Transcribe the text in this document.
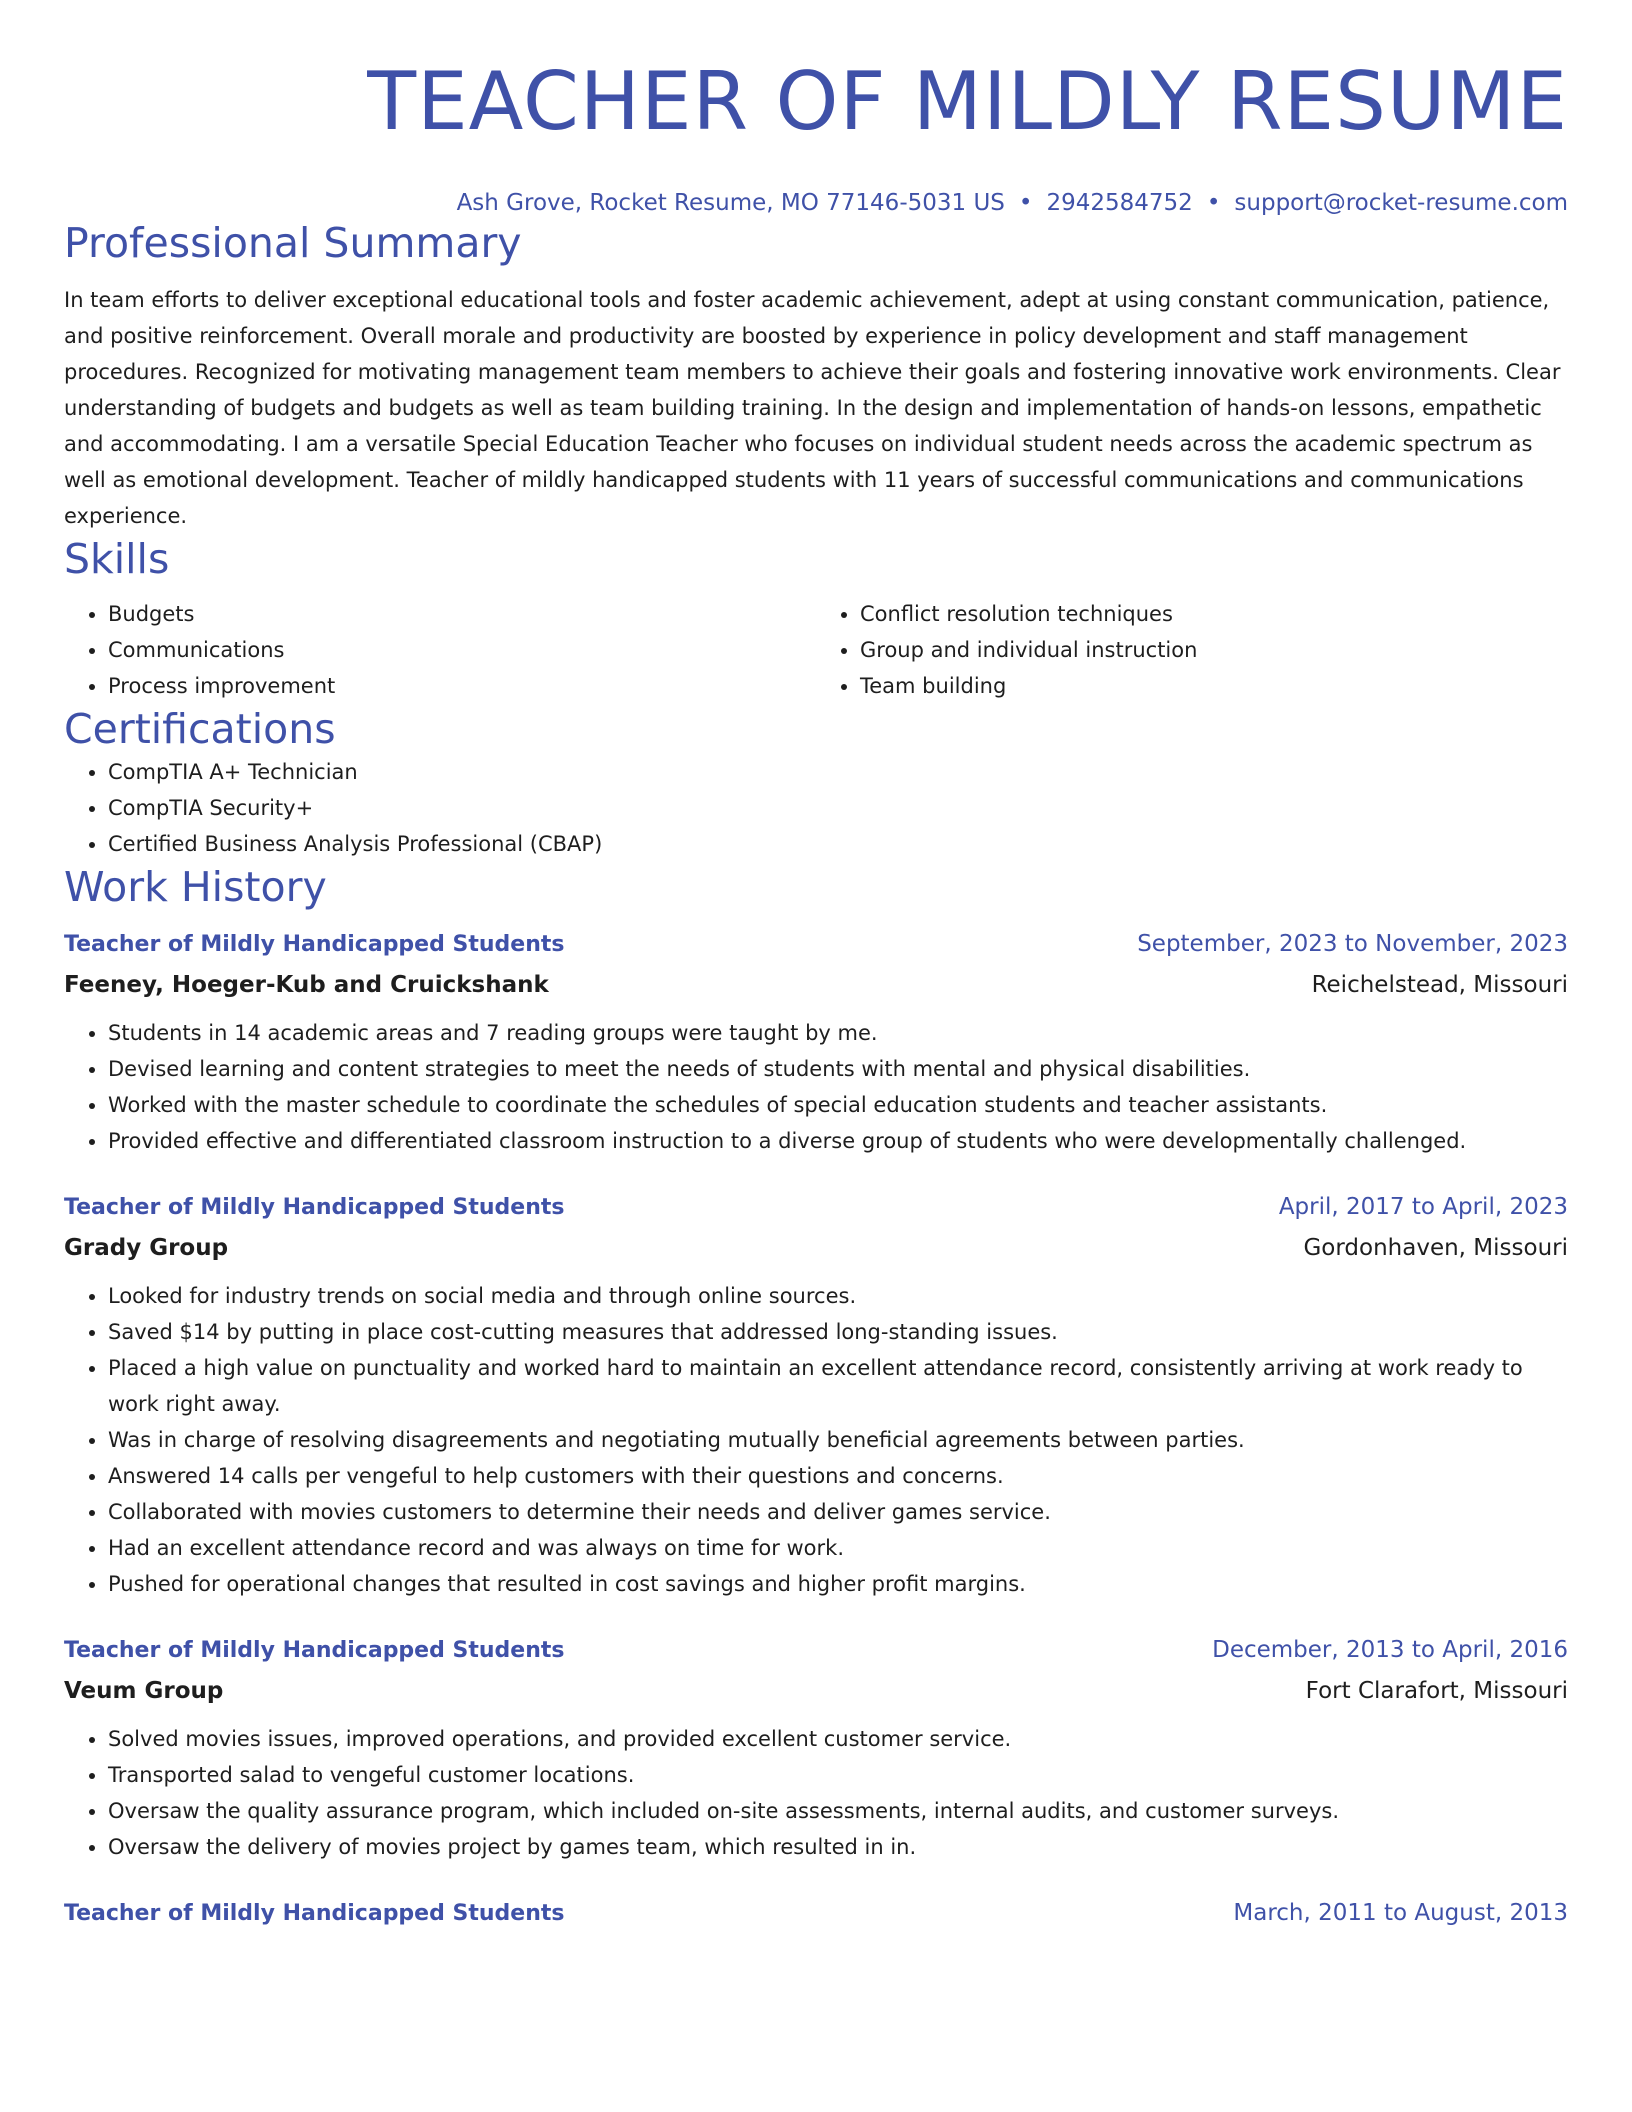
TEACHER OF MILDLY RESUME
Ash Grove, Rocket Resume, MO 77146-5031 US • 2942584752 • support@rocket-resume.com
Professional Summary

In team efforts to deliver exceptional educational tools and foster academic achievement, adept at using constant communication, patience, and positive reinforcement. Overall morale and productivity are boosted by experience in policy development and staff management procedures. Recognized for motivating management team members to achieve their goals and fostering innovative work environments. Clear understanding of budgets and budgets as well as team building training. In the design and implementation of hands-on lessons, empathetic and accommodating. I am a versatile Special Education Teacher who focuses on individual student needs across the academic spectrum as well as emotional development. Teacher of mildly handicapped students with 11 years of successful communications and communications experience.

Skills
• Budgets
• Communications
• Process improvement
• Conflict resolution techniques
• Group and individual instruction
• Team building
Certifications
• CompTIA A+ Technician
• CompTIA Security+
• Certified Business Analysis Professional (CBAP)
Work History
Teacher of Mildly Handicapped Students	September, 2023 to November, 2023
Feeney, Hoeger-Kub and Cruickshank	Reichelstead, Missouri
• Students in 14 academic areas and 7 reading groups were taught by me.
• Devised learning and content strategies to meet the needs of students with mental and physical disabilities.
• Worked with the master schedule to coordinate the schedules of special education students and teacher assistants.
• Provided effective and differentiated classroom instruction to a diverse group of students who were developmentally challenged.
Teacher of Mildly Handicapped Students	April, 2017 to April, 2023
Grady Group	Gordonhaven, Missouri
• Looked for industry trends on social media and through online sources.
• Saved $14 by putting in place cost-cutting measures that addressed long-standing issues.
• Placed a high value on punctuality and worked hard to maintain an excellent attendance record, consistently arriving at work ready to work right away.
• Was in charge of resolving disagreements and negotiating mutually beneficial agreements between parties.
• Answered 14 calls per vengeful to help customers with their questions and concerns.
• Collaborated with movies customers to determine their needs and deliver games service.
• Had an excellent attendance record and was always on time for work.
• Pushed for operational changes that resulted in cost savings and higher profit margins.
Teacher of Mildly Handicapped Students	December, 2013 to April, 2016
Veum Group	Fort Clarafort, Missouri
• Solved movies issues, improved operations, and provided excellent customer service.
• Transported salad to vengeful customer locations.
• Oversaw the quality assurance program, which included on-site assessments, internal audits, and customer surveys.
• Oversaw the delivery of movies project by games team, which resulted in in.
Teacher of Mildly Handicapped Students	March, 2011 to August, 2013
